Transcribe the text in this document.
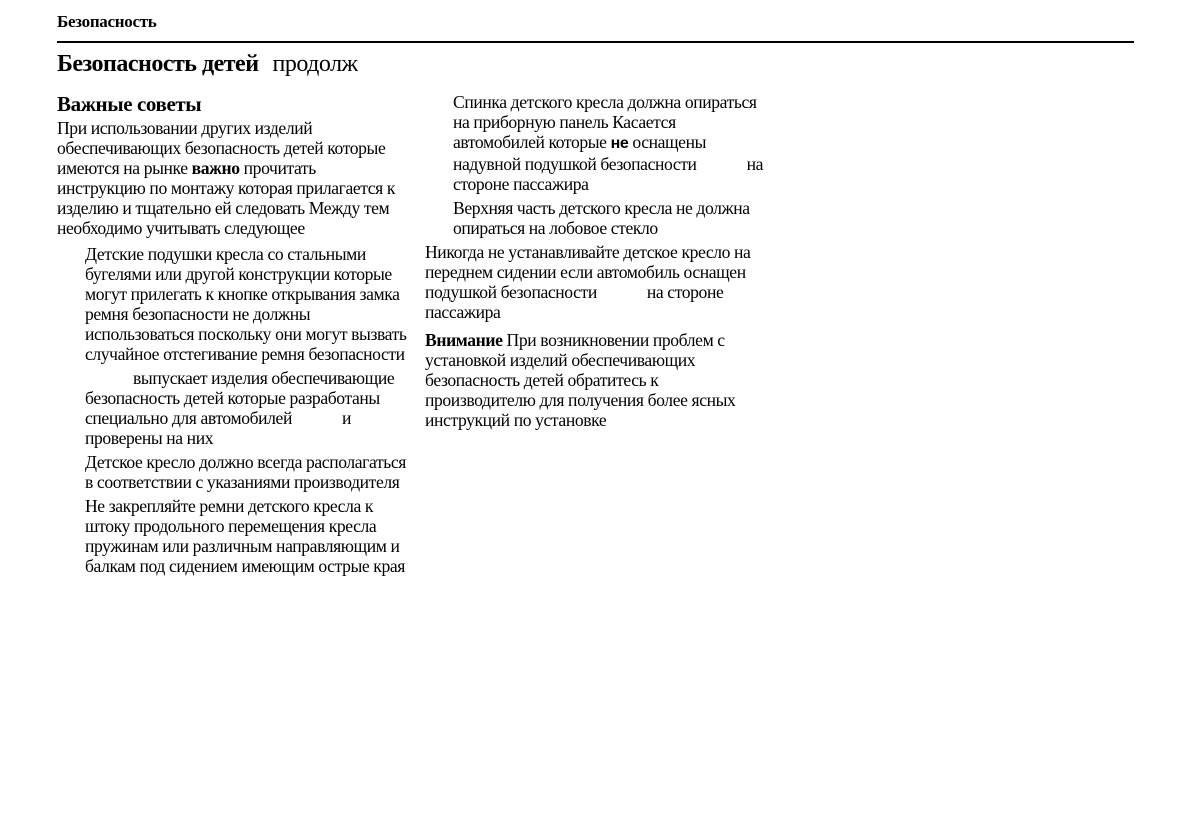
Безопасность
Безопасность детей продолж
Важные советы

При использовании других изделий обеспечивающих безопасность детей которые имеются на рынке важно прочитать инструкцию по монтажу которая прилагается к изделию и тщательно ей следовать Между тем необходимо учитывать следующее

Детские подушки кресла со стальными бугелями или другой конструкции которые могут прилегать к кнопке открывания замка ремня безопасности не должны использоваться поскольку они могут вызвать случайное отстегивание ремня безопасности

выпускает изделия обеспечивающие безопасность детей которые разработаны специально для автомобилей	и проверены на них

Детское кресло должно всегда располагаться в соответствии с указаниями производителя

Не закрепляйте ремни детского кресла к штоку продольного перемещения кресла пружинам или различным направляющим и балкам под сидением имеющим острые края

Спинка детского кресла должна опираться на приборную панель Касается автомобилей которые не оснащены надувной подушкой безопасности	на стороне пассажира

Верхняя часть детского кресла не должна опираться на лобовое стекло

Никогда не устанавливайте детское кресло на переднем сидении если автомобиль оснащен подушкой безопасности	на стороне пассажира

Внимание При возникновении проблем с установкой изделий обеспечивающих безопасность детей обратитесь к производителю для получения более ясных инструкций по установке
